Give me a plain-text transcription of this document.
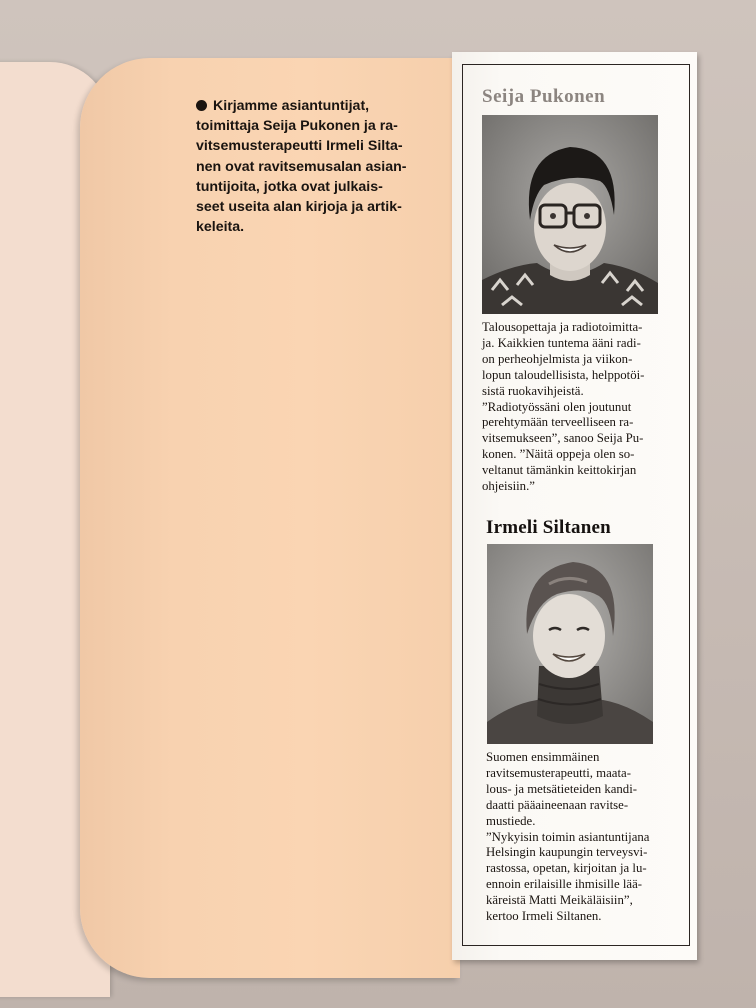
Kirjamme asiantuntijat,
toimittaja Seija Pukonen ja ra-
vitsemusterapeutti Irmeli Silta-
nen ovat ravitsemusalan asian-
tuntijoita, jotka ovat julkais-
seet useita alan kirjoja ja artik-
keleita.
Seija Pukonen
Talousopettaja ja radiotoimitta-
ja. Kaikkien tuntema ääni radi-
on perheohjelmista ja viikon-
lopun taloudellisista, helppotöi-
sistä ruokavihjeistä.
”Radiotyössäni olen joutunut
perehtymään terveelliseen ra-
vitsemukseen”, sanoo Seija Pu-
konen. ”Näitä oppeja olen so-
veltanut tämänkin keittokirjan
ohjeisiin.”
Irmeli Siltanen
Suomen ensimmäinen
ravitsemusterapeutti, maata-
lous- ja metsätieteiden kandi-
daatti pääaineenaan ravitse-
mustiede.
”Nykyisin toimin asiantuntijana
Helsingin kaupungin terveysvi-
rastossa, opetan, kirjoitan ja lu-
ennoin erilaisille ihmisille lää-
käreistä Matti Meikäläisiin”,
kertoo Irmeli Siltanen.
